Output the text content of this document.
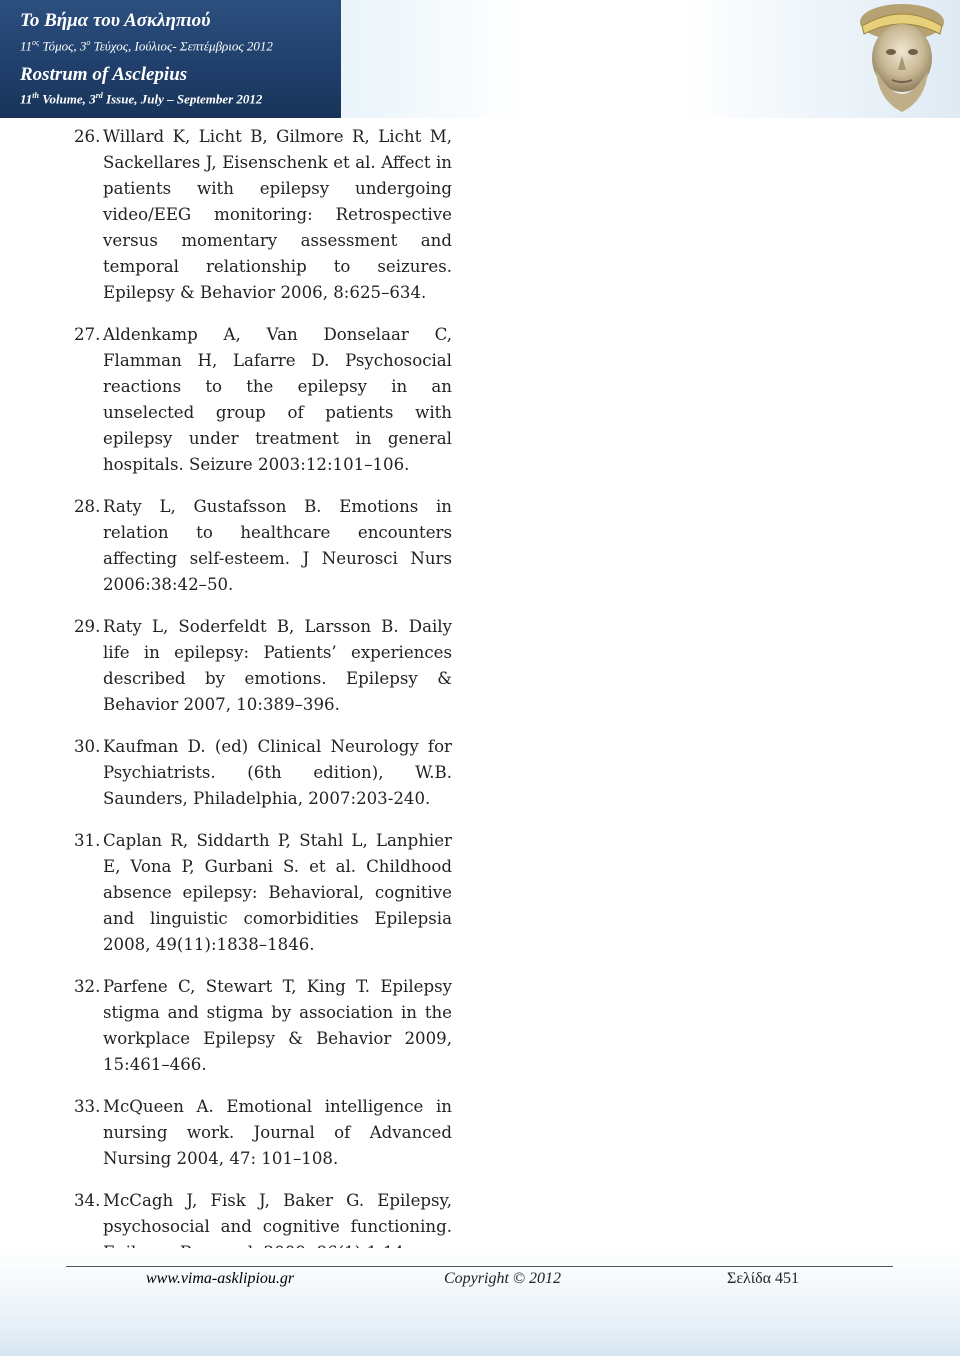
Το Βήμα του Ασκληπιού
$11^{o\varsigma}$ Τόμος, $3^o$ Τεύχος, Ιούλιος- Σεπτέμβριος 2012
Rostrum of Asclepius
11th Volume, 3rd Issue, July – September 2012
26. Willard K, Licht B, Gilmore R, Licht M, Sackellares J, Eisenschenk et al. Affect in patients with epilepsy undergoing video/EEG monitoring: Retrospective versus momentary assessment and temporal relationship to seizures. Epilepsy & Behavior 2006, 8:625–634.
27. Aldenkamp A, Van Donselaar C, Flamman H, Lafarre D. Psychosocial reactions to the epilepsy in an unselected group of patients with epilepsy under treatment in general hospitals. Seizure 2003:12:101–106.
28. Raty L, Gustafsson B. Emotions in relation to healthcare encounters affecting self-esteem. J Neurosci Nurs 2006:38:42–50.
29. Raty L, Soderfeldt B, Larsson B. Daily life in epilepsy: Patients’ experiences described by emotions. Epilepsy & Behavior 2007, 10:389–396.
30. Kaufman D. (ed) Clinical Neurology for Psychiatrists. (6th edition), W.B. Saunders, Philadelphia, 2007:203-240.
31. Caplan R, Siddarth P, Stahl L, Lanphier E, Vona P, Gurbani S. et al. Childhood absence epilepsy: Behavioral, cognitive and linguistic comorbidities Epilepsia 2008, 49(11):1838–1846.
32. Parfene C, Stewart T, King T. Epilepsy stigma and stigma by association in the workplace Epilepsy & Behavior 2009, 15:461–466.
33. McQueen A. Emotional intelligence in nursing work. Journal of Advanced Nursing 2004, 47: 101–108.
34. McCagh J, Fisk J, Baker G. Epilepsy, psychosocial and cognitive functioning.
www.vima-asklipiou.gr	Copyright © 2012	Σελίδα 451
